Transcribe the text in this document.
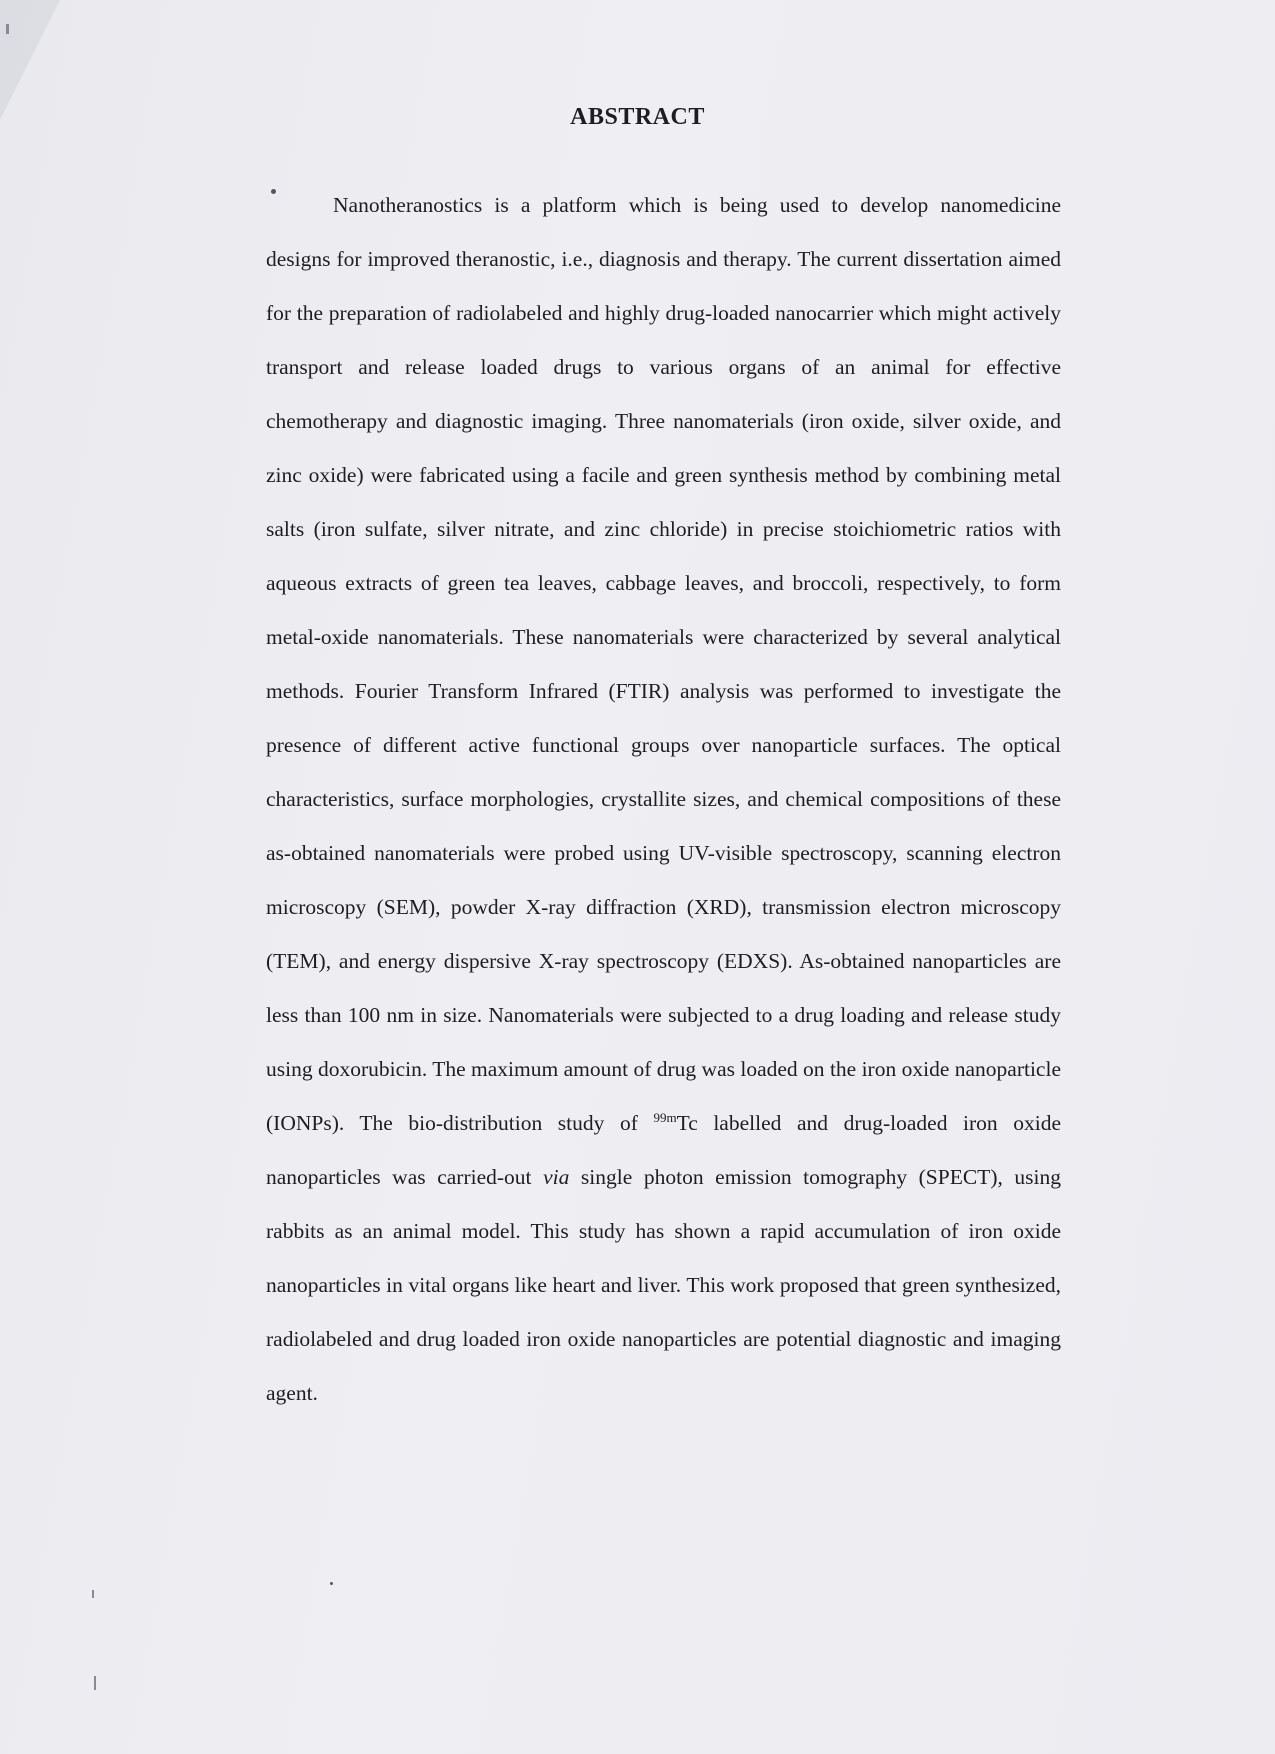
ABSTRACT

Nanotheranostics is a platform which is being used to develop nanomedicine designs for improved theranostic, i.e., diagnosis and therapy. The current dissertation aimed for the preparation of radiolabeled and highly drug-loaded nanocarrier which might actively transport and release loaded drugs to various organs of an animal for effective chemotherapy and diagnostic imaging. Three nanomaterials (iron oxide, silver oxide, and zinc oxide) were fabricated using a facile and green synthesis method by combining metal salts (iron sulfate, silver nitrate, and zinc chloride) in precise stoichiometric ratios with aqueous extracts of green tea leaves, cabbage leaves, and broccoli, respectively, to form metal-oxide nanomaterials. These nanomaterials were characterized by several analytical methods. Fourier Transform Infrared (FTIR) analysis was performed to investigate the presence of different active functional groups over nanoparticle surfaces. The optical characteristics, surface morphologies, crystallite sizes, and chemical compositions of these as-obtained nanomaterials were probed using UV-visible spectroscopy, scanning electron microscopy (SEM), powder X-ray diffraction (XRD), transmission electron microscopy (TEM), and energy dispersive X-ray spectroscopy (EDXS). As-obtained nanoparticles are less than 100 nm in size. Nanomaterials were subjected to a drug loading and release study using doxorubicin. The maximum amount of drug was loaded on the iron oxide nanoparticle (IONPs). The bio-distribution study of $^{99m}$Tc labelled and drug-loaded iron oxide nanoparticles was carried-out via single photon emission tomography (SPECT), using rabbits as an animal model. This study has shown a rapid accumulation of iron oxide nanoparticles in vital organs like heart and liver. This work proposed that green synthesized, radiolabeled and drug loaded iron oxide nanoparticles are potential diagnostic and imaging agent.
